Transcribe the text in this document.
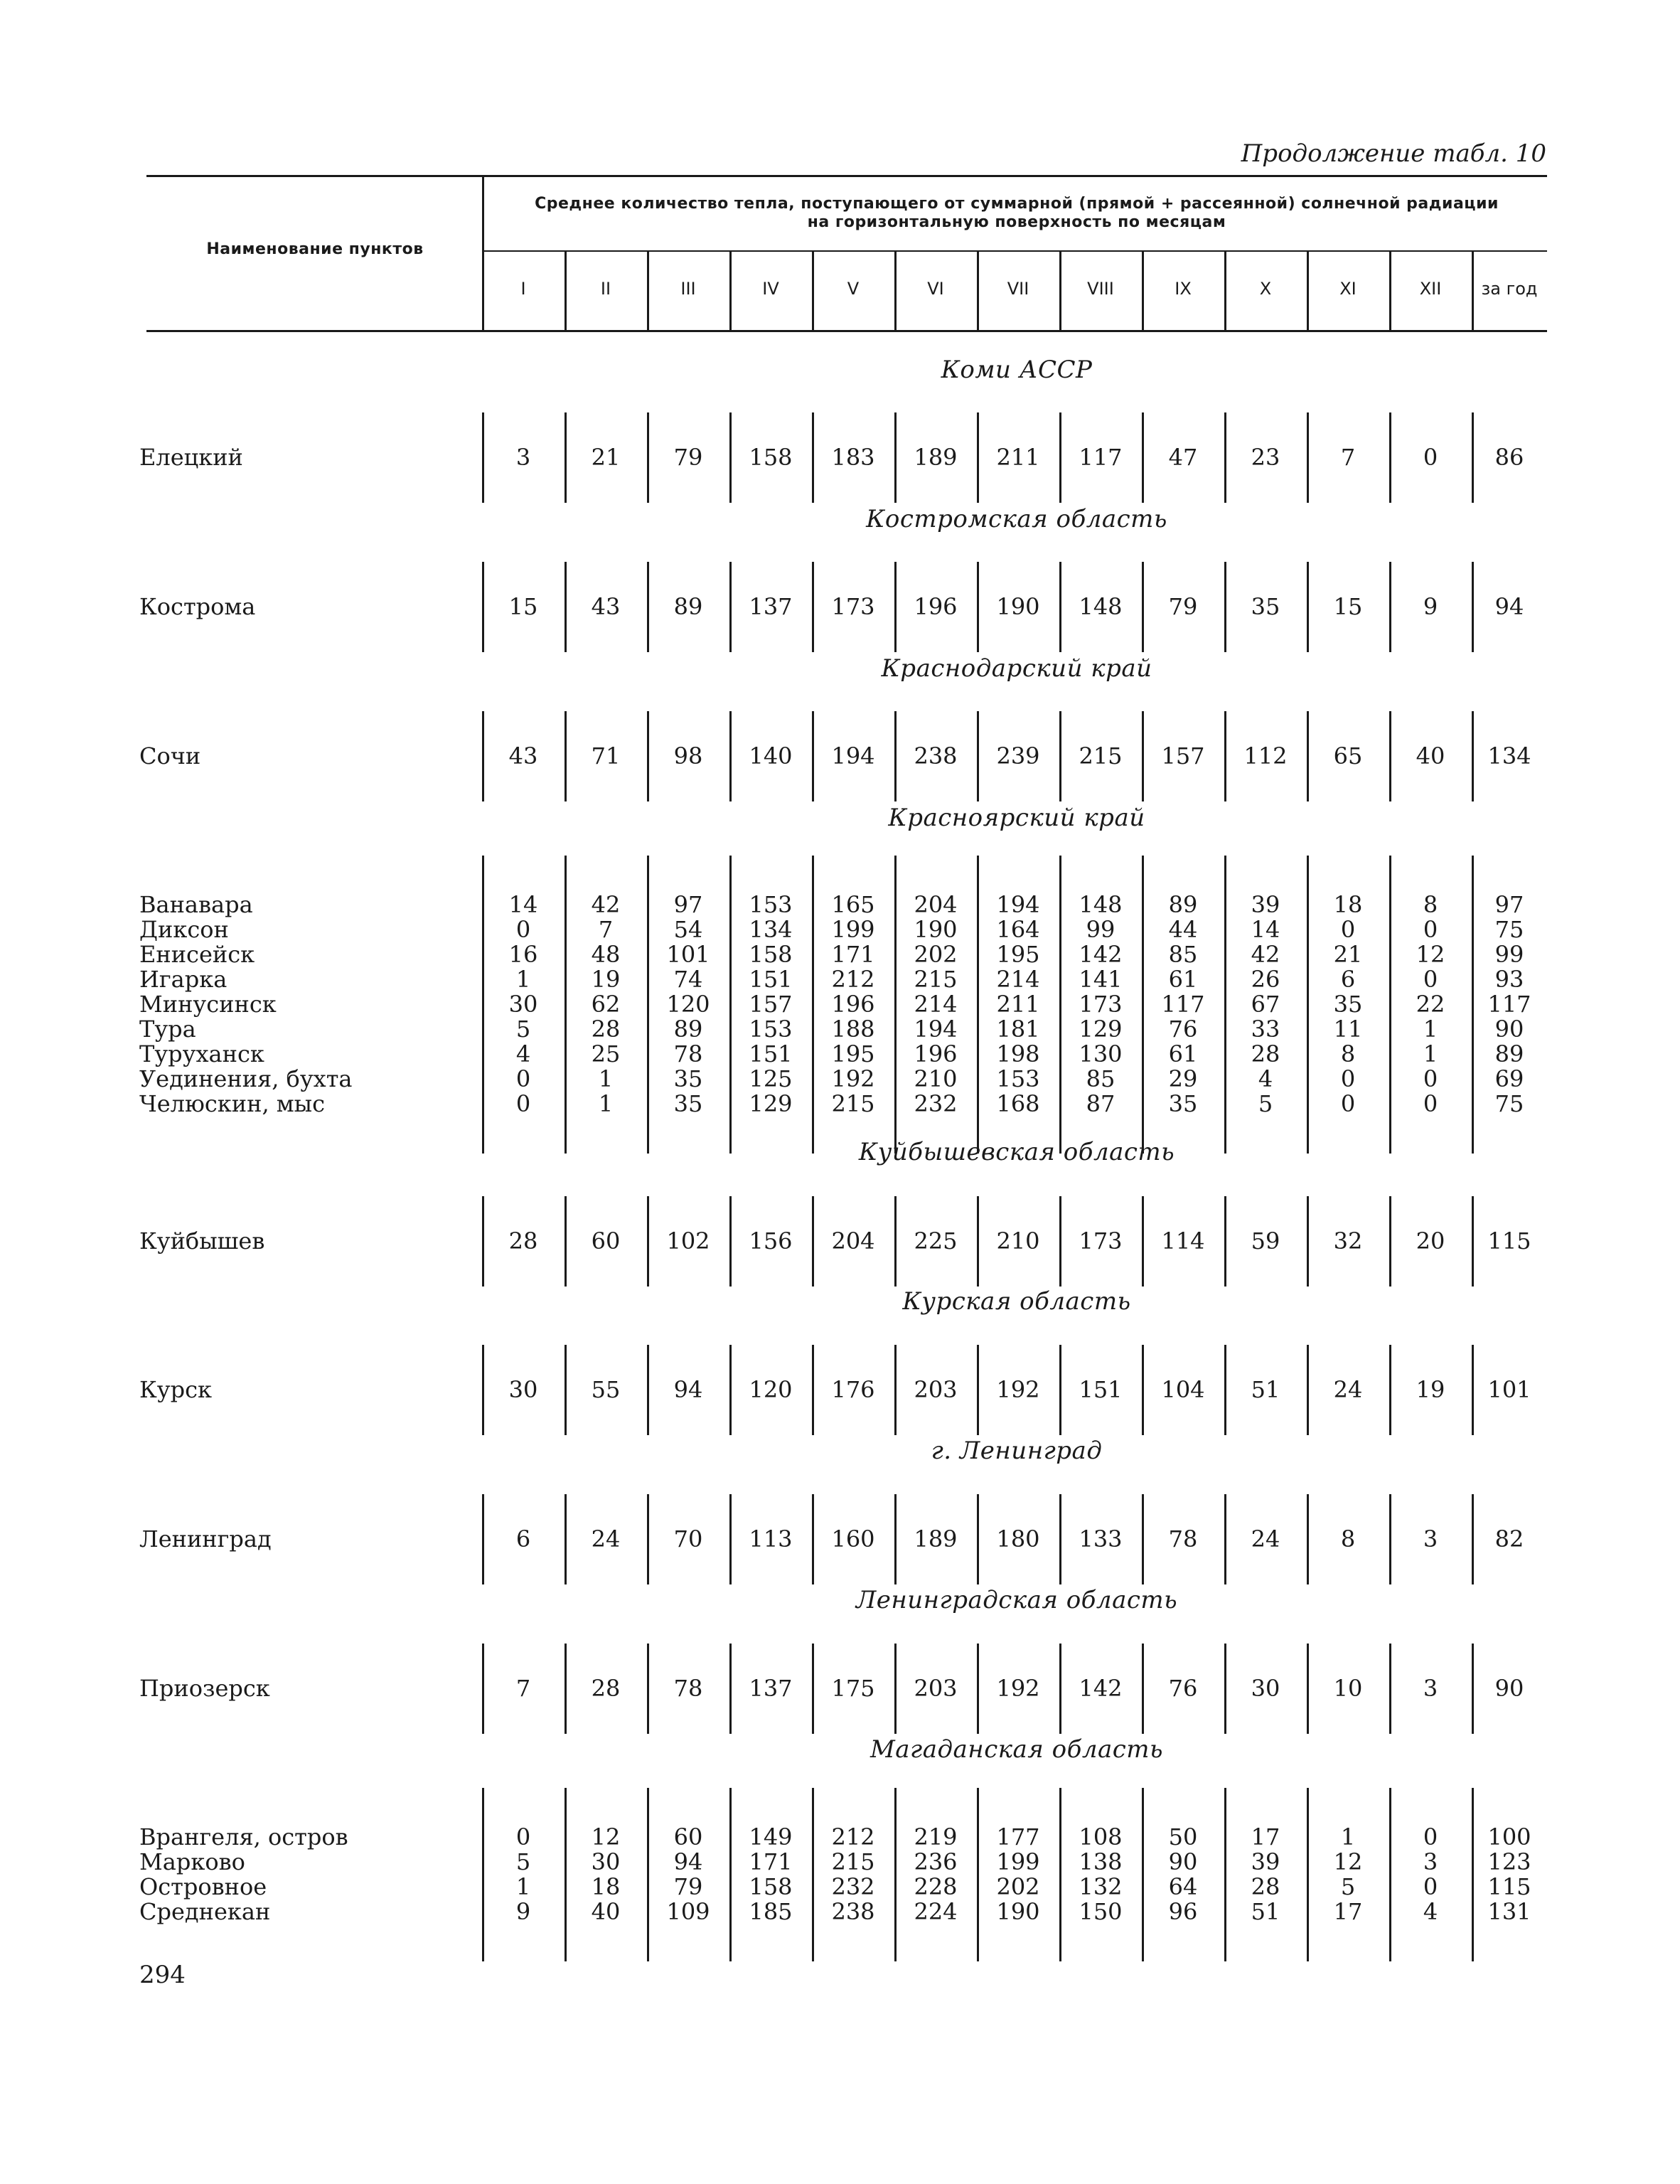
Продолжение табл. 10
Наименование пунктов
Среднее количество тепла, поступающего от суммарной (прямой + рассеянной) солнечной радиации
на горизонтальную поверхность по месяцам
I	II	III	IV	V	VI	VII	VIII	IX	X	XI	XII	за год
Коми АССР
Елецкий	3	21	79	158	183	189	211	117	47	23	7	0	86
Костромская область
Кострома	15	43	89	137	173	196	190	148	79	35	15	9	94
Краснодарский край
Сочи	43	71	98	140	194	238	239	215	157	112	65	40	134
Красноярский край
Ванавара	14	42	97	153	165	204	194	148	89	39	18	8	97
Диксон	0	7	54	134	199	190	164	99	44	14	0	0	75
Енисейск	16	48	101	158	171	202	195	142	85	42	21	12	99
Игарка	1	19	74	151	212	215	214	141	61	26	6	0	93
Минусинск	30	62	120	157	196	214	211	173	117	67	35	22	117
Тура	5	28	89	153	188	194	181	129	76	33	11	1	90
Туруханск	4	25	78	151	195	196	198	130	61	28	8	1	89
Уединения, бухта	0	1	35	125	192	210	153	85	29	4	0	0	69
Челюскин, мыс	0	1	35	129	215	232	168	87	35	5	0	0	75
Куйбышевская область
Куйбышев	28	60	102	156	204	225	210	173	114	59	32	20	115
Курская область
Курск	30	55	94	120	176	203	192	151	104	51	24	19	101
г. Ленинград
Ленинград	6	24	70	113	160	189	180	133	78	24	8	3	82
Ленинградская область
Приозерск	7	28	78	137	175	203	192	142	76	30	10	3	90
Магаданская область
Врангеля, остров	0	12	60	149	212	219	177	108	50	17	1	0	100
Марково	5	30	94	171	215	236	199	138	90	39	12	3	123
Островное	1	18	79	158	232	228	202	132	64	28	5	0	115
Среднекан	9	40	109	185	238	224	190	150	96	51	17	4	131
294
